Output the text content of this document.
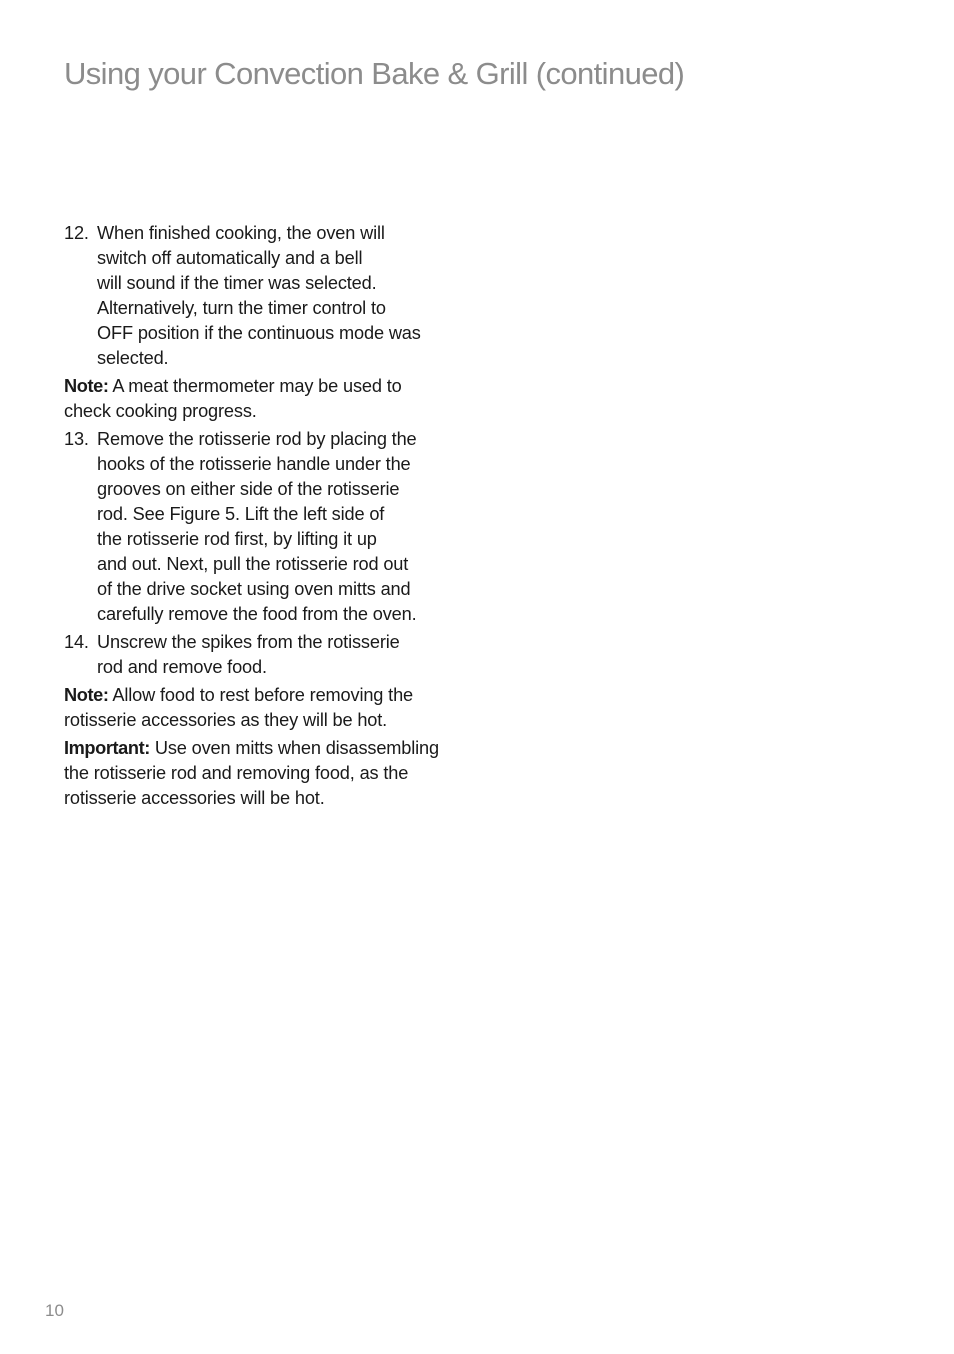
Using your Convection Bake & Grill (continued)
12. When finished cooking, the oven will
switch off automatically and a bell
will sound if the timer was selected.
Alternatively, turn the timer control to
OFF position if the continuous mode was
selected.
Note: A meat thermometer may be used to
check cooking progress.
13. Remove the rotisserie rod by placing the
hooks of the rotisserie handle under the
grooves on either side of the rotisserie
rod. See Figure 5. Lift the left side of
the rotisserie rod first, by lifting it up
and out. Next, pull the rotisserie rod out
of the drive socket using oven mitts and
carefully remove the food from the oven.
14. Unscrew the spikes from the rotisserie
rod and remove food.
Note: Allow food to rest before removing the
rotisserie accessories as they will be hot.
Important: Use oven mitts when disassembling
the rotisserie rod and removing food, as the
rotisserie accessories will be hot.
10
